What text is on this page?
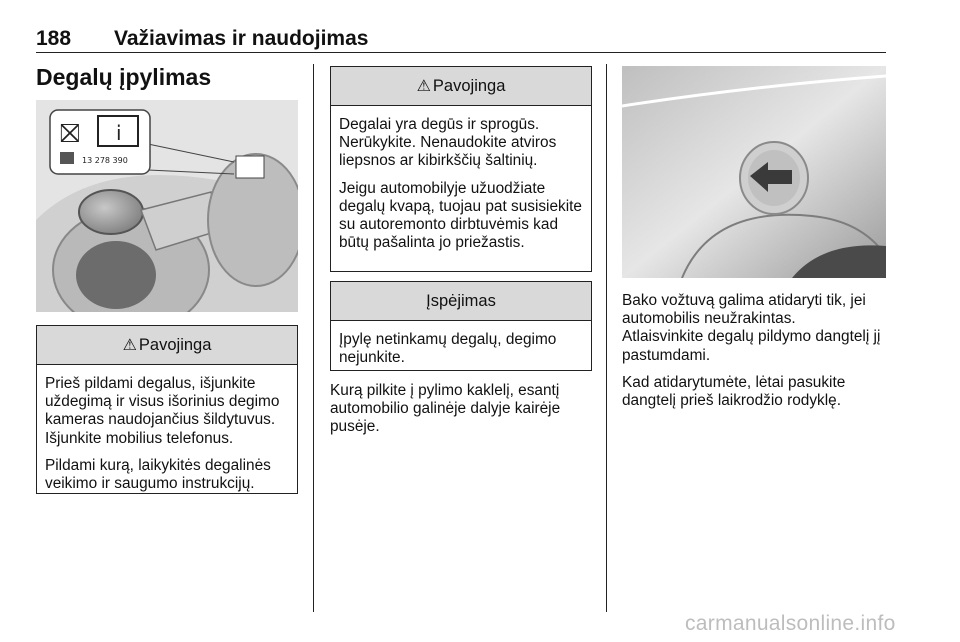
188 Važiavimas ir naudojimas
Degalų įpylimas
⛝ i
13 278 390
⚠ Pavojinga

Prieš pildami degalus, išjunkite uždegimą ir visus išorinius degimo kameras naudojančius šildytuvus. Išjunkite mobilius telefonus.

Pildami kurą, laikykitės degalinės veikimo ir saugumo instrukcijų.

⚠ Pavojinga

Degalai yra degūs ir sprogūs. Nerūkykite. Nenaudokite atviros liepsnos ar kibirkščių šaltinių.

Jeigu automobilyje užuodžiate degalų kvapą, tuojau pat susisiekite su autoremonto dirbtuvėmis kad būtų pašalinta jo priežastis.

Įspėjimas

Įpylę netinkamų degalų, degimo nejunkite.

Kurą pilkite į pylimo kaklelį, esantį automobilio galinėje dalyje kairėje pusėje.

Bako vožtuvą galima atidaryti tik, jei automobilis neužrakintas.
Atlaisvinkite degalų pildymo dangtelį jį pastumdami.

Kad atidarytumėte, lėtai pasukite dangtelį prieš laikrodžio rodyklę.

carmanualsonline.info
